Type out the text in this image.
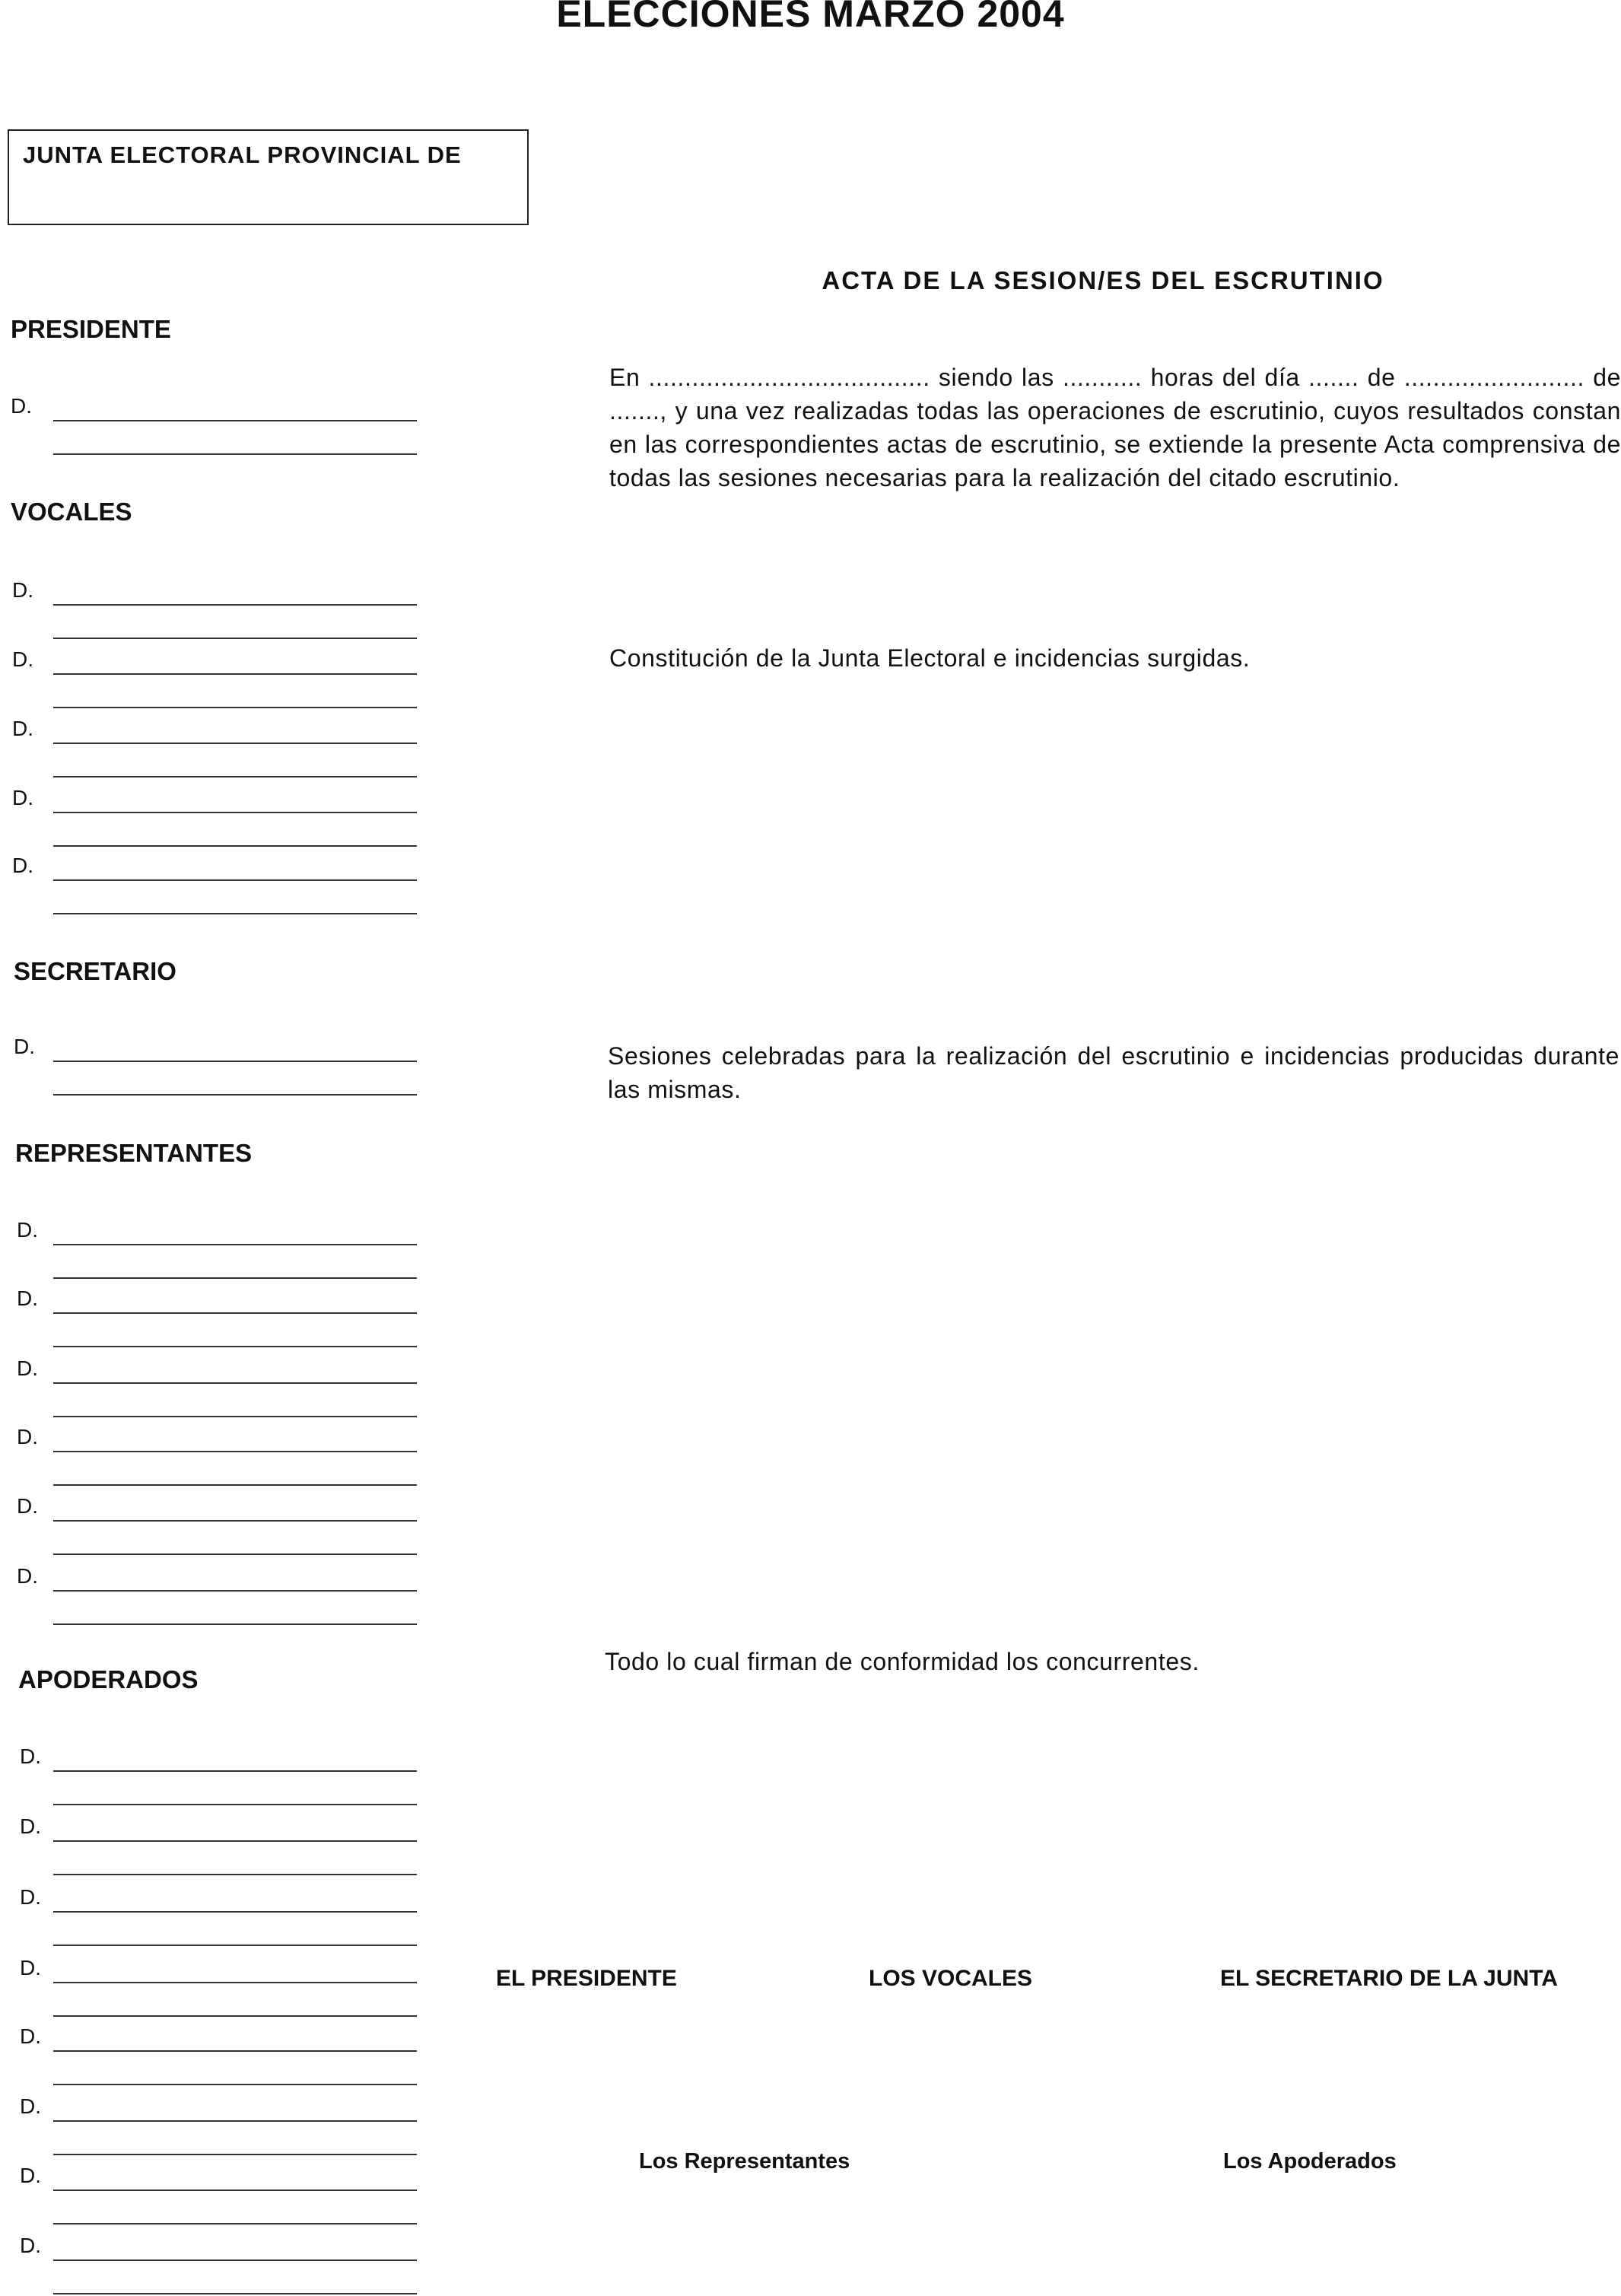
ELECCIONES MARZO 2004
JUNTA ELECTORAL PROVINCIAL DE
PRESIDENTE
VOCALES
SECRETARIO
REPRESENTANTES
APODERADOS
D.
D.
D.
D.
D.
D.
D.
D.
D.
D.
D.
D.
D.
D.
D.
D.
D.
D.
D.
D.
D.
ACTA DE LA SESION/ES DEL ESCRUTINIO
En ....................................... siendo las ........... horas del día ....... de ......................... de ......., y una vez realizadas todas las operaciones de escrutinio, cuyos resultados constan en las correspondientes actas de escrutinio, se extiende la presente Acta comprensiva de todas las sesiones necesarias para la realización del citado escrutinio.
Constitución de la Junta Electoral e incidencias surgidas.
Sesiones celebradas para la realización del escrutinio e incidencias producidas durante las mismas.
Todo lo cual firman de conformidad los concurrentes.
EL PRESIDENTE	LOS VOCALES	EL SECRETARIO DE LA JUNTA
Los Representantes	Los Apoderados
